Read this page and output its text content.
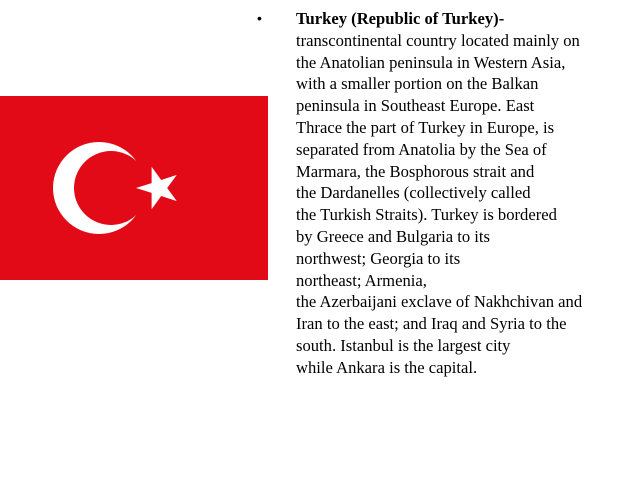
•	Turkey (Republic of Turkey)-
transcontinental country located mainly on
the Anatolian peninsula in Western Asia,
with a smaller portion on the Balkan
peninsula in Southeast Europe. East
Thrace the part of Turkey in Europe, is
separated from Anatolia by the Sea of
Marmara, the Bosphorous strait and
the Dardanelles (collectively called
the Turkish Straits). Turkey is bordered
by Greece and Bulgaria to its
northwest; Georgia to its
northeast; Armenia,
the Azerbaijani exclave of Nakhchivan and
Iran to the east; and Iraq and Syria to the
south. Istanbul is the largest city
while Ankara is the capital.
